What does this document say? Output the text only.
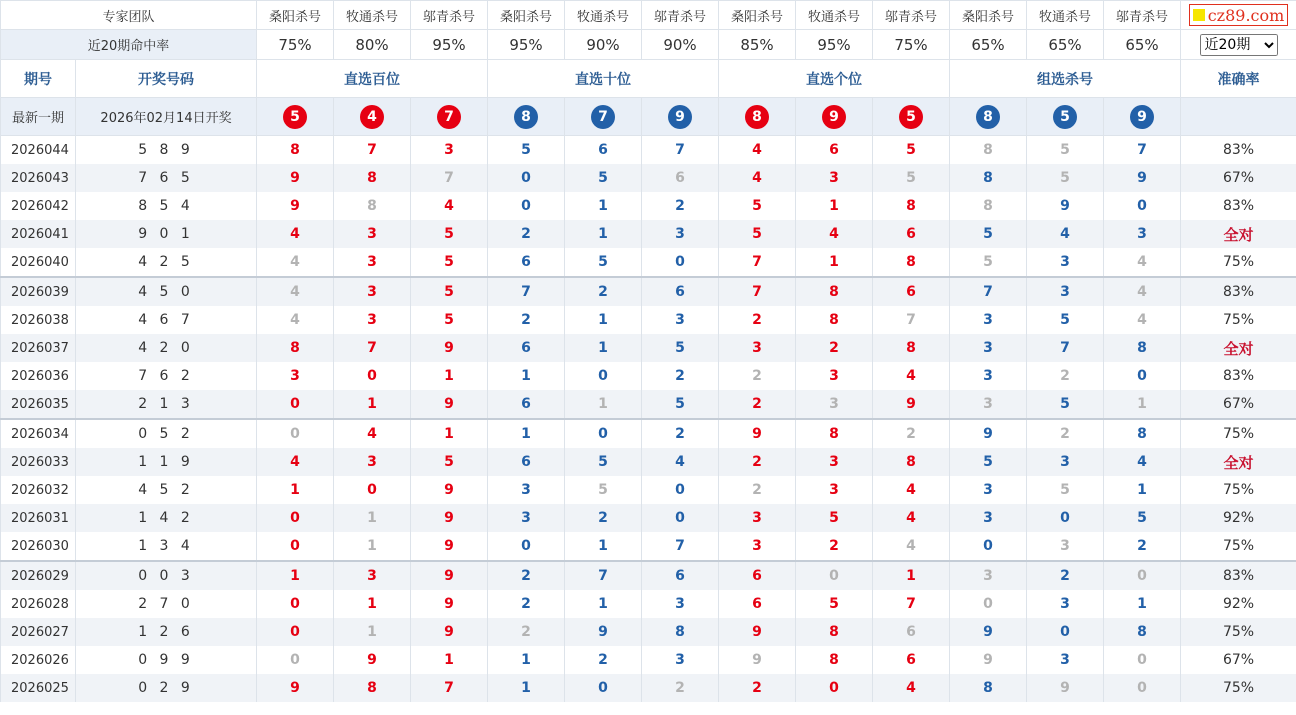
专家团队		桑阳杀号	牧通杀号	邬青杀号	桑阳杀号	牧通杀号	邬青杀号	桑阳杀号	牧通杀号	邬青杀号	桑阳杀号	牧通杀号	邬青杀号	cz89.com

近20期命中率		75%	80%	95%	95%	90%	90%	85%	95%	75%	65%	65%	65%	
近20期
期号	开奖号码	直选百位			直选十位			直选个位			组选杀号			准确率
最新一期	2026年02月14日开奖	5	4	7	8	7	9	8	9	5	8	5	9	
2026044	5 8 9	8	7	3	5	6	7	4	6	5	8	5	7	83%
2026043	7 6 5	9	8	7	0	5	6	4	3	5	8	5	9	67%
2026042	8 5 4	9	8	4	0	1	2	5	1	8	8	9	0	83%
2026041	9 0 1	4	3	5	2	1	3	5	4	6	5	4	3	全对
2026040	4 2 5	4	3	5	6	5	0	7	1	8	5	3	4	75%
2026039	4 5 0	4	3	5	7	2	6	7	8	6	7	3	4	83%
2026038	4 6 7	4	3	5	2	1	3	2	8	7	3	5	4	75%
2026037	4 2 0	8	7	9	6	1	5	3	2	8	3	7	8	全对
2026036	7 6 2	3	0	1	1	0	2	2	3	4	3	2	0	83%
2026035	2 1 3	0	1	9	6	1	5	2	3	9	3	5	1	67%
2026034	0 5 2	0	4	1	1	0	2	9	8	2	9	2	8	75%
2026033	1 1 9	4	3	5	6	5	4	2	3	8	5	3	4	全对
2026032	4 5 2	1	0	9	3	5	0	2	3	4	3	5	1	75%
2026031	1 4 2	0	1	9	3	2	0	3	5	4	3	0	5	92%
2026030	1 3 4	0	1	9	0	1	7	3	2	4	0	3	2	75%
2026029	0 0 3	1	3	9	2	7	6	6	0	1	3	2	0	83%
2026028	2 7 0	0	1	9	2	1	3	6	5	7	0	3	1	92%
2026027	1 2 6	0	1	9	2	9	8	9	8	6	9	0	8	75%
2026026	0 9 9	0	9	1	1	2	3	9	8	6	9	3	0	67%
2026025	0 2 9	9	8	7	1	0	2	2	0	4	8	9	0	75%
